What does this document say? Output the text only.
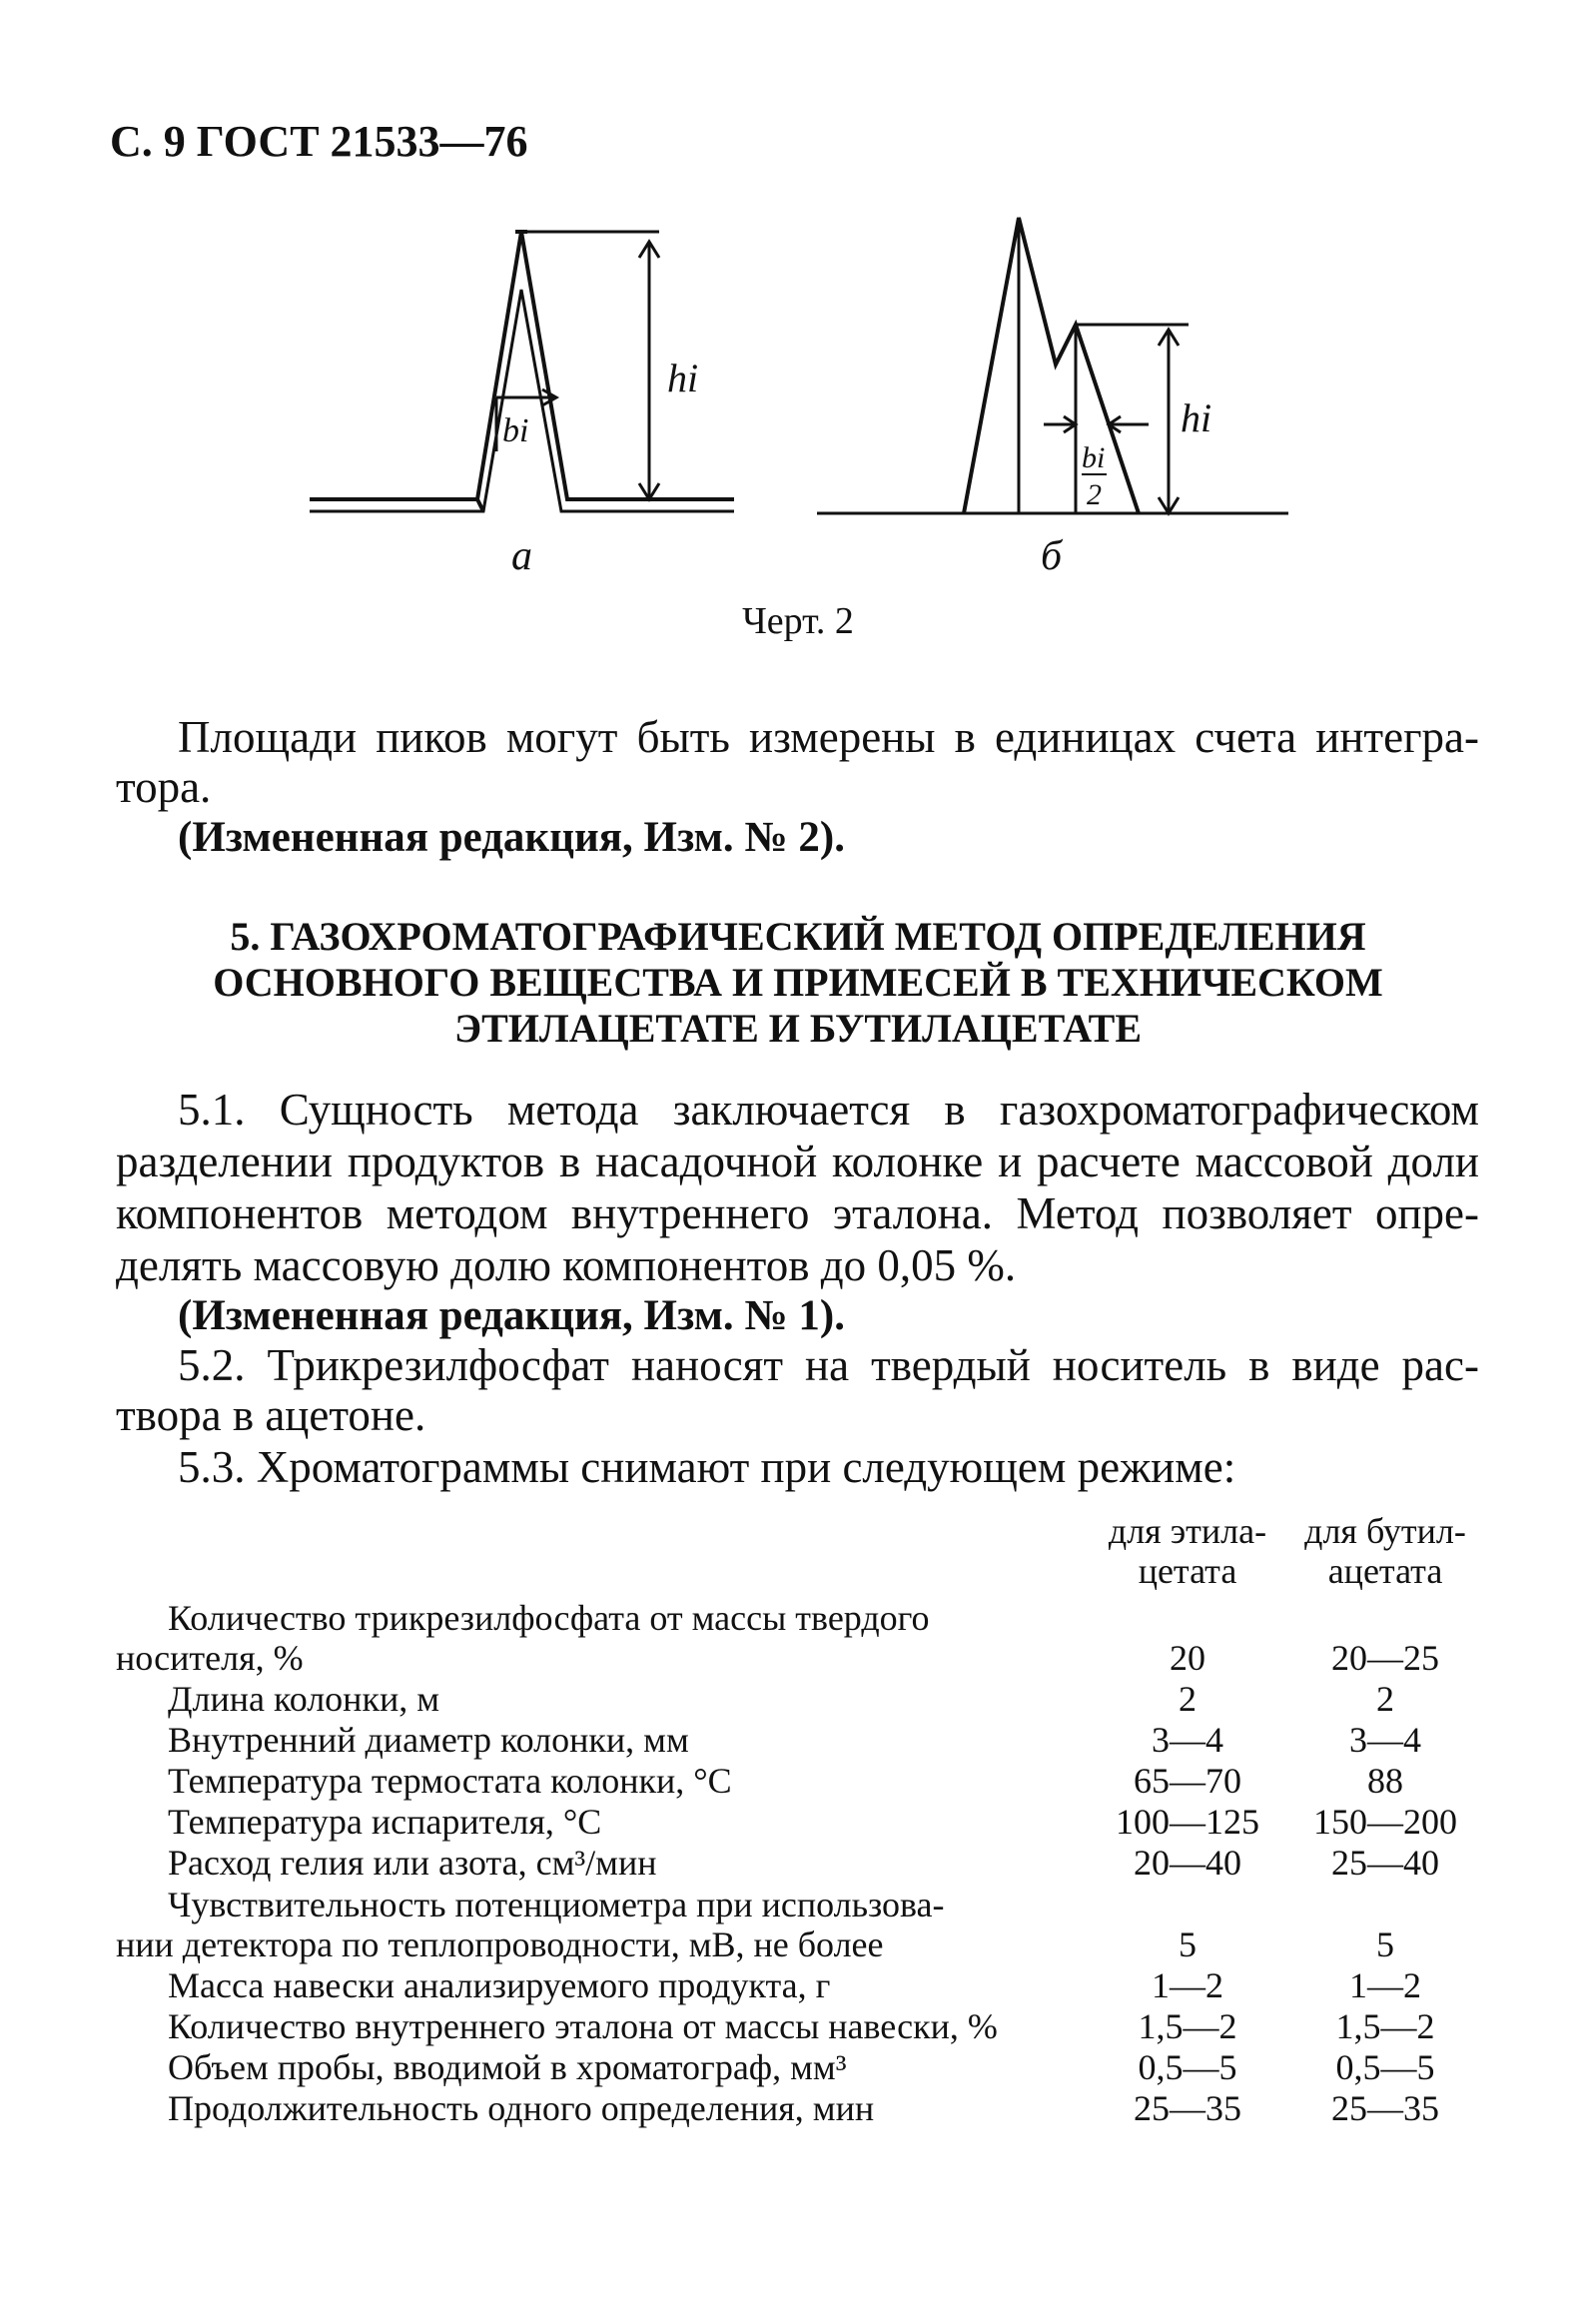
С. 9 ГОСТ 21533—76
hi
bi	hi
bi
2
а	б
Черт. 2
Площади пиков могут быть измерены в единицах счета интегра-
тора.
(Измененная редакция, Изм. № 2).
5. ГАЗОХРОМАТОГРАФИЧЕСКИЙ МЕТОД ОПРЕДЕЛЕНИЯ
ОСНОВНОГО ВЕЩЕСТВА И ПРИМЕСЕЙ В ТЕХНИЧЕСКОМ
ЭТИЛАЦЕТАТЕ И БУТИЛАЦЕТАТЕ
5.1. Сущность метода заключается в газохроматографическом
разделении продуктов в насадочной колонке и расчете массовой доли
компонентов методом внутреннего эталона. Метод позволяет опре-
делять массовую долю компонентов до 0,05 %.
(Измененная редакция, Изм. № 1).
5.2. Трикрезилфосфат наносят на твердый носитель в виде рас-
твора в ацетоне.
5.3. Хроматограммы снимают при следующем режиме:
для этила-
цетата
для бутил-
ацетата
Количество трикрезилфосфата от массы твердого
носителя, %	20	20—25
Длина колонки, м	2	2
Внутренний диаметр колонки, мм	3—4	3—4
Температура термостата колонки, °С	65—70	88
Температура испарителя, °С	100—125	150—200
Расход гелия или азота, см³/мин	20—40	25—40
Чувствительность потенциометра при использова-
нии детектора по теплопроводности, мВ, не более	5	5
Масса навески анализируемого продукта, г	1—2	1—2
Количество внутреннего эталона от массы навески, %	1,5—2	1,5—2
Объем пробы, вводимой в хроматограф, мм³	0,5—5	0,5—5
Продолжительность одного определения, мин	25—35	25—35
